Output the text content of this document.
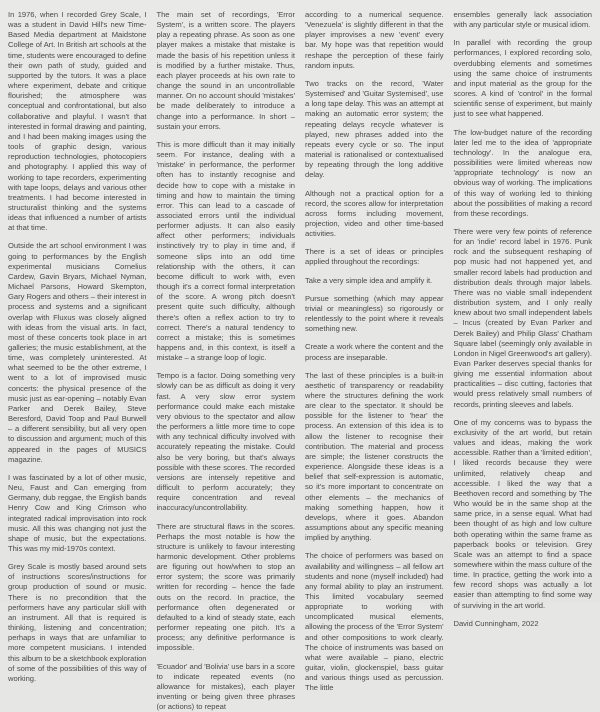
In 1976, when I recorded Grey Scale, I was a student in David Hill's new Time-Based Media department at Maidstone College of Art. In British art schools at the time, students were encouraged to define their own path of study, guided and supported by the tutors. It was a place where experiment, debate and critique flourished; the atmosphere was conceptual and confrontational, but also collaborative and playful. I wasn't that interested in formal drawing and painting, and I had been making images using the tools of graphic design, various reproduction technologies, photocopiers and photography. I applied this way of working to tape recorders, experimenting with tape loops, delays and various other treatments. I had become interested in structuralist thinking and the systems ideas that influenced a number of artists at that time.

Outside the art school environment I was going to performances by the English experimental musicians Cornelius Cardew, Gavin Bryars, Michael Nyman, Michael Parsons, Howard Skempton, Gary Rogers and others – their interest in process and systems and a significant overlap with Fluxus was closely aligned with ideas from the visual arts. In fact, most of these concerts took place in art galleries; the music establishment, at the time, was completely uninterested. At what seemed to be the other extreme, I went to a lot of improvised music concerts: the physical presence of the music just as ear-opening – notably Evan Parker and Derek Bailey, Steve Beresford, David Toop and Paul Burwell – a different sensibility, but all very open to discussion and argument; much of this appeared in the pages of MUSICS magazine.

I was fascinated by a lot of other music, Neu, Faust and Can emerging from Germany, dub reggae, the English bands Henry Cow and King Crimson who integrated radical improvisation into rock music. All this was changing not just the shape of music, but the expectations. This was my mid-1970s context.

Grey Scale is mostly based around sets of instructions scores/instructions for group production of sound or music. There is no precondition that the performers have any particular skill with an instrument. All that is required is thinking, listening and concentration; perhaps in ways that are unfamiliar to more competent musicians. I intended this album to be a sketchbook exploration of some of the possibilities of this way of working.

The main set of recordings, 'Error System', is a written score. The players play a repeating phrase. As soon as one player makes a mistake that mistake is made the basis of his repetition unless it is modified by a further mistake. Thus, each player proceeds at his own rate to change the sound in an uncontrollable manner. On no account should 'mistakes' be made deliberately to introduce a change into a performance. In short – sustain your errors.

This is more difficult than it may initially seem. For instance, dealing with a 'mistake' in performance, the performer often has to instantly recognise and decide how to cope with a mistake in timing and how to maintain the timing error. This can lead to a cascade of associated errors until the individual performer adjusts. It can also easily affect other performers; individuals instinctively try to play in time and, if someone slips into an odd time relationship with the others, it can become difficult to work with, even though it's a correct formal interpretation of the score. A wrong pitch doesn't present quite such difficulty, although there's often a reflex action to try to correct. There's a natural tendency to correct a mistake; this is sometimes happens and, in this context, is itself a mistake – a strange loop of logic.

Tempo is a factor. Doing something very slowly can be as difficult as doing it very fast. A very slow error system performance could make each mistake very obvious to the spectator and allow the performers a little more time to cope with any technical difficulty involved with accurately repeating the mistake. Could also be very boring, but that's always possible with these scores. The recorded versions are intensely repetitive and difficult to perform accurately; they require concentration and reveal inaccuracy/uncontrollability.

There are structural flaws in the scores. Perhaps the most notable is how the structure is unlikely to favour interesting harmonic development. Other problems are figuring out how/when to stop an error system; the score was primarily written for recording – hence the fade outs on the record. In practice, the performance often degenerated or defaulted to a kind of steady state, each performer repeating one pitch. It's a process; any definitive performance is impossible.

'Ecuador' and 'Bolivia' use bars in a score to indicate repeated events (no allowance for mistakes), each player inventing or being given three phrases (or actions) to repeat

according to a numerical sequence. 'Venezuela' is slightly different in that the player improvises a new 'event' every bar. My hope was that repetition would reshape the perception of these fairly random inputs.

Two tracks on the record, 'Water Systemised' and 'Guitar Systemised', use a long tape delay. This was an attempt at making an automatic error system; the repeating delays recycle whatever is played, new phrases added into the repeats every cycle or so. The input material is rationalised or contextualised by repeating through the long additive delay.

Although not a practical option for a record, the scores allow for interpretation across forms including movement, projection, video and other time-based activities.

There is a set of ideas or principles applied throughout the recordings:

Take a very simple idea and amplify it.

Pursue something (which may appear trivial or meaningless) so rigorously or relentlessly to the point where it reveals something new.

Create a work where the content and the process are inseparable.

The last of these principles is a built-in aesthetic of transparency or readability where the structures defining the work are clear to the spectator. It should be possible for the listener to 'hear' the process. An extension of this idea is to allow the listener to recognise their contribution. The material and process are simple; the listener constructs the experience. Alongside these ideas is a belief that self-expression is automatic, so it's more important to concentrate on other elements – the mechanics of making something happen, how it develops, where it goes. Abandon assumptions about any specific meaning implied by anything.

The choice of performers was based on availability and willingness – all fellow art students and none (myself included) had any formal ability to play an instrument. This limited vocabulary seemed appropriate to working with uncomplicated musical elements, allowing the process of the 'Error System' and other compositions to work clearly. The choice of instruments was based on what were available – piano, electric guitar, violin, glockenspiel, bass guitar and various things used as percussion. The little

ensembles generally lack association with any particular style or musical idiom.

In parallel with recording the group performances, I explored recording solo, overdubbing elements and sometimes using the same choice of instruments and input material as the group for the scores. A kind of 'control' in the formal scientific sense of experiment, but mainly just to see what happened.

The low-budget nature of the recording later led me to the idea of 'appropriate technology'. In the analogue era, possibilities were limited whereas now 'appropriate technology' is now an obvious way of working. The implications of this way of working led to thinking about the possibilities of making a record from these recordings.

There were very few points of reference for an 'indie' record label in 1976. Punk rock and the subsequent reshaping of pop music had not happened yet, and smaller record labels had production and distribution deals through major labels. There was no viable small independent distribution system, and I only really knew about two small independent labels – Incus (created by Evan Parker and Derek Bailey) and Philip Glass' Chatham Square label (seemingly only available in London in Nigel Greenwood's art gallery). Evan Parker deserves special thanks for giving me essential information about practicalities – disc cutting, factories that would press relatively small numbers of records, printing sleeves and labels.

One of my concerns was to bypass the exclusivity of the art world, but retain values and ideas, making the work accessible. Rather than a 'limited edition', I liked records because they were unlimited, relatively cheap and accessible. I liked the way that a Beethoven record and something by The Who would be in the same shop at the same price, in a sense equal. What had been thought of as high and low culture both operating within the same frame as paperback books or television. Grey Scale was an attempt to find a space somewhere within the mass culture of the time. In practice, getting the work into a few record shops was actually a lot easier than attempting to find some way of surviving in the art world.

David Cunningham, 2022
